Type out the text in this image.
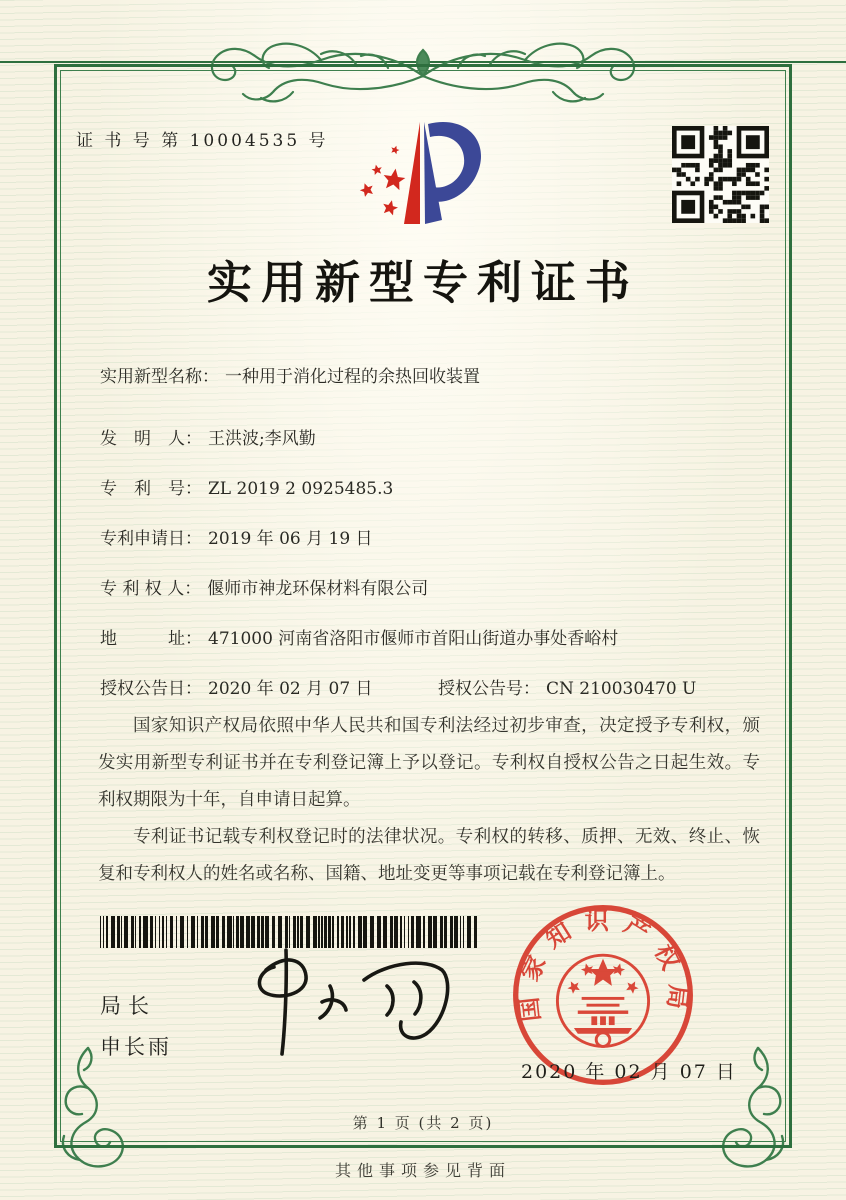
证 书 号 第 10004535 号
实用新型专利证书
实用新型名称： 一种用于消化过程的余热回收装置
发　明　人： 王洪波;李风勤
专　利　号： ZL 2019 2 0925485.3
专利申请日： 2019 年 06 月 19 日
专 利 权 人： 偃师市神龙环保材料有限公司
地　　　址： 471000 河南省洛阳市偃师市首阳山街道办事处香峪村
授权公告日： 2020 年 02 月 07 日	授权公告号： CN 210030470 U

国家知识产权局依照中华人民共和国专利法经过初步审查，决定授予专利权，颁发实用新型专利证书并在专利登记簿上予以登记。专利权自授权公告之日起生效。专利权期限为十年，自申请日起算。

专利证书记载专利权登记时的法律状况。专利权的转移、质押、无效、终止、恢复和专利权人的姓名或名称、国籍、地址变更等事项记载在专利登记簿上。

局长
申长雨
国家知识产权局
2020 年 02 月 07 日
第 1 页 (共 2 页)
其他事项参见背面
